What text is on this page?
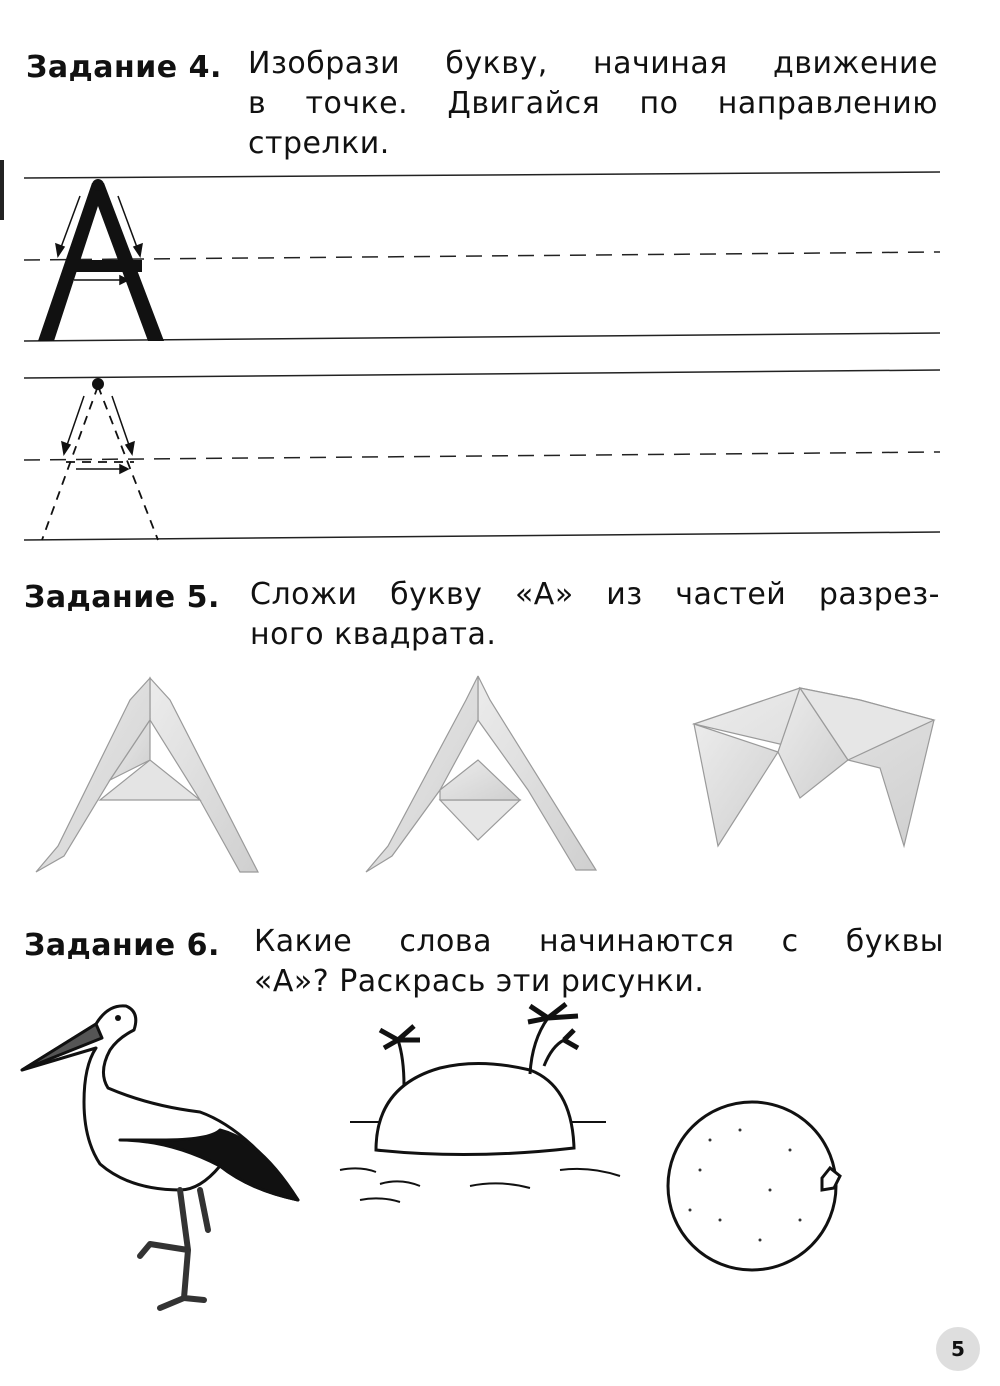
Задание 4. Изобрази букву, начиная движение
в точке. Двигайся по направлению
стрелки.
Задание 5. Сложи букву «А» из частей разрез-
ного квадрата.
Задание 6. Какие слова начинаются с буквы
«А»? Раскрась эти рисунки.
5
